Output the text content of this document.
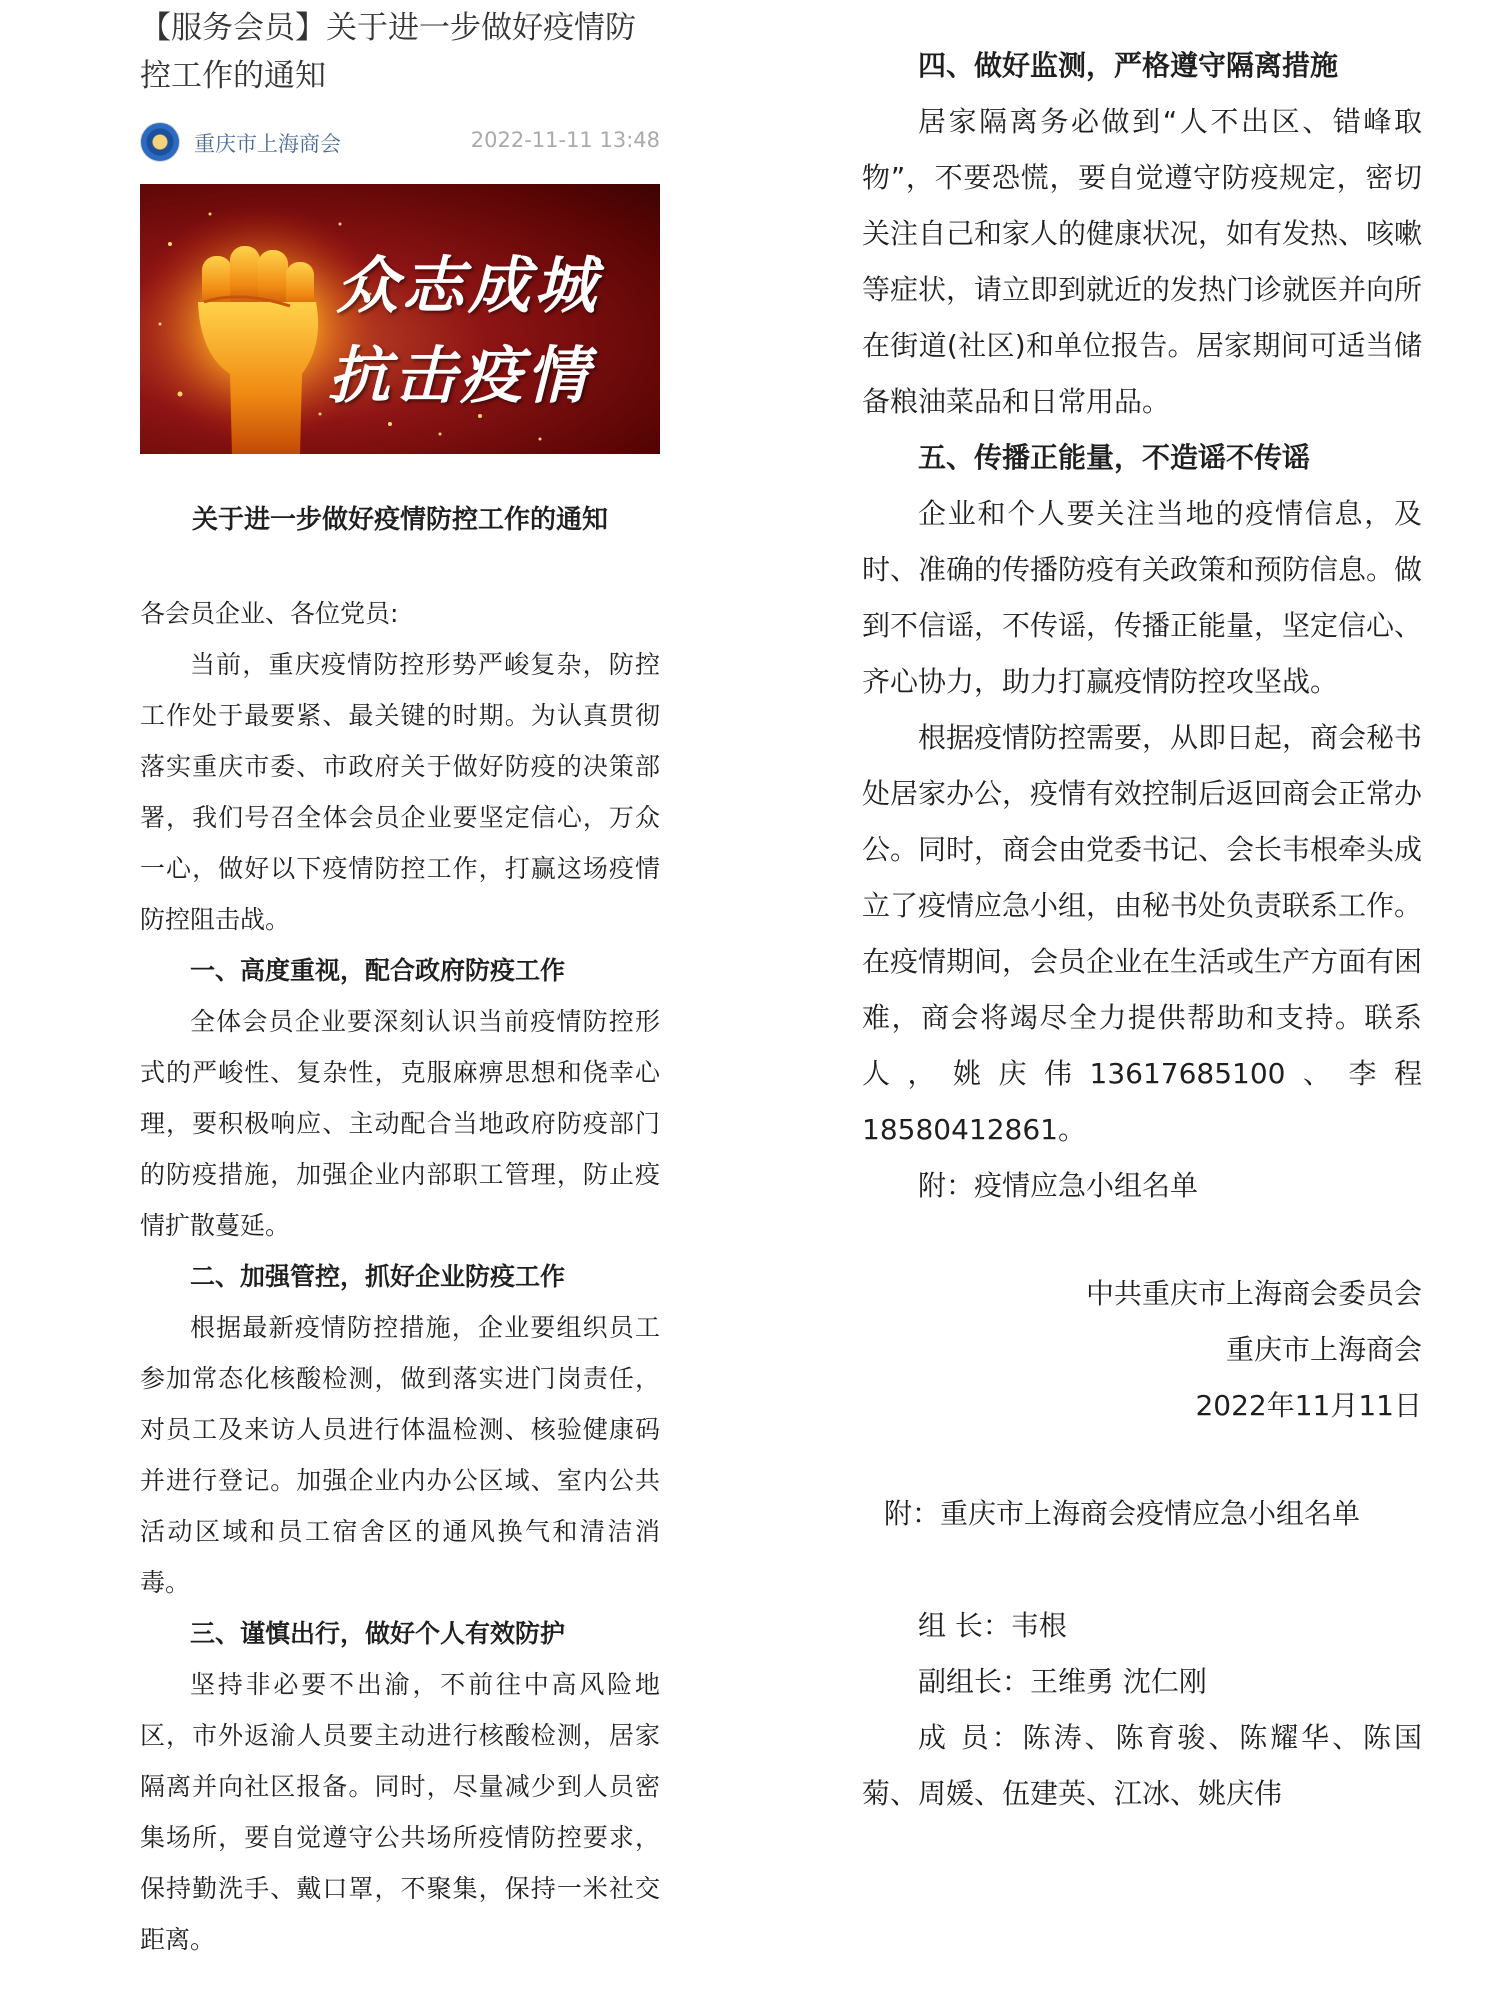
【服务会员】关于进一步做好疫情防控工作的通知
重庆市上海商会	2022-11-11 13:48
众志成城
抗击疫情
关于进一步做好疫情防控工作的通知
各会员企业、各位党员:

当前，重庆疫情防控形势严峻复杂，防控工作处于最要紧、最关键的时期。为认真贯彻落实重庆市委、市政府关于做好防疫的决策部署，我们号召全体会员企业要坚定信心，万众一心，做好以下疫情防控工作，打赢这场疫情防控阻击战。

一、高度重视，配合政府防疫工作

全体会员企业要深刻认识当前疫情防控形式的严峻性、复杂性，克服麻痹思想和侥幸心理，要积极响应、主动配合当地政府防疫部门的防疫措施，加强企业内部职工管理，防止疫情扩散蔓延。

二、加强管控，抓好企业防疫工作

根据最新疫情防控措施，企业要组织员工参加常态化核酸检测，做到落实进门岗责任，对员工及来访人员进行体温检测、核验健康码并进行登记。加强企业内办公区域、室内公共活动区域和员工宿舍区的通风换气和清洁消毒。

三、谨慎出行，做好个人有效防护

坚持非必要不出渝，不前往中高风险地区，市外返渝人员要主动进行核酸检测，居家隔离并向社区报备。同时，尽量减少到人员密集场所，要自觉遵守公共场所疫情防控要求，保持勤洗手、戴口罩，不聚集，保持一米社交距离。

四、做好监测，严格遵守隔离措施

居家隔离务必做到“人不出区、错峰取物”，不要恐慌，要自觉遵守防疫规定，密切关注自己和家人的健康状况，如有发热、咳嗽等症状，请立即到就近的发热门诊就医并向所在街道(社区)和单位报告。居家期间可适当储备粮油菜品和日常用品。

五、传播正能量，不造谣不传谣

企业和个人要关注当地的疫情信息，及时、准确的传播防疫有关政策和预防信息。做到不信谣，不传谣，传播正能量，坚定信心、齐心协力，助力打赢疫情防控攻坚战。

根据疫情防控需要，从即日起，商会秘书处居家办公，疫情有效控制后返回商会正常办公。同时，商会由党委书记、会长韦根牵头成立了疫情应急小组，由秘书处负责联系工作。在疫情期间，会员企业在生活或生产方面有困难，商会将竭尽全力提供帮助和支持。联系人，姚庆伟13617685100、李程18580412861。

附：疫情应急小组名单

中共重庆市上海商会委员会

重庆市上海商会

2022年11月11日

附：重庆市上海商会疫情应急小组名单

组 长：韦根

副组长：王维勇 沈仁刚

成 员：陈涛、陈育骏、陈耀华、陈国菊、周媛、伍建英、江冰、姚庆伟
